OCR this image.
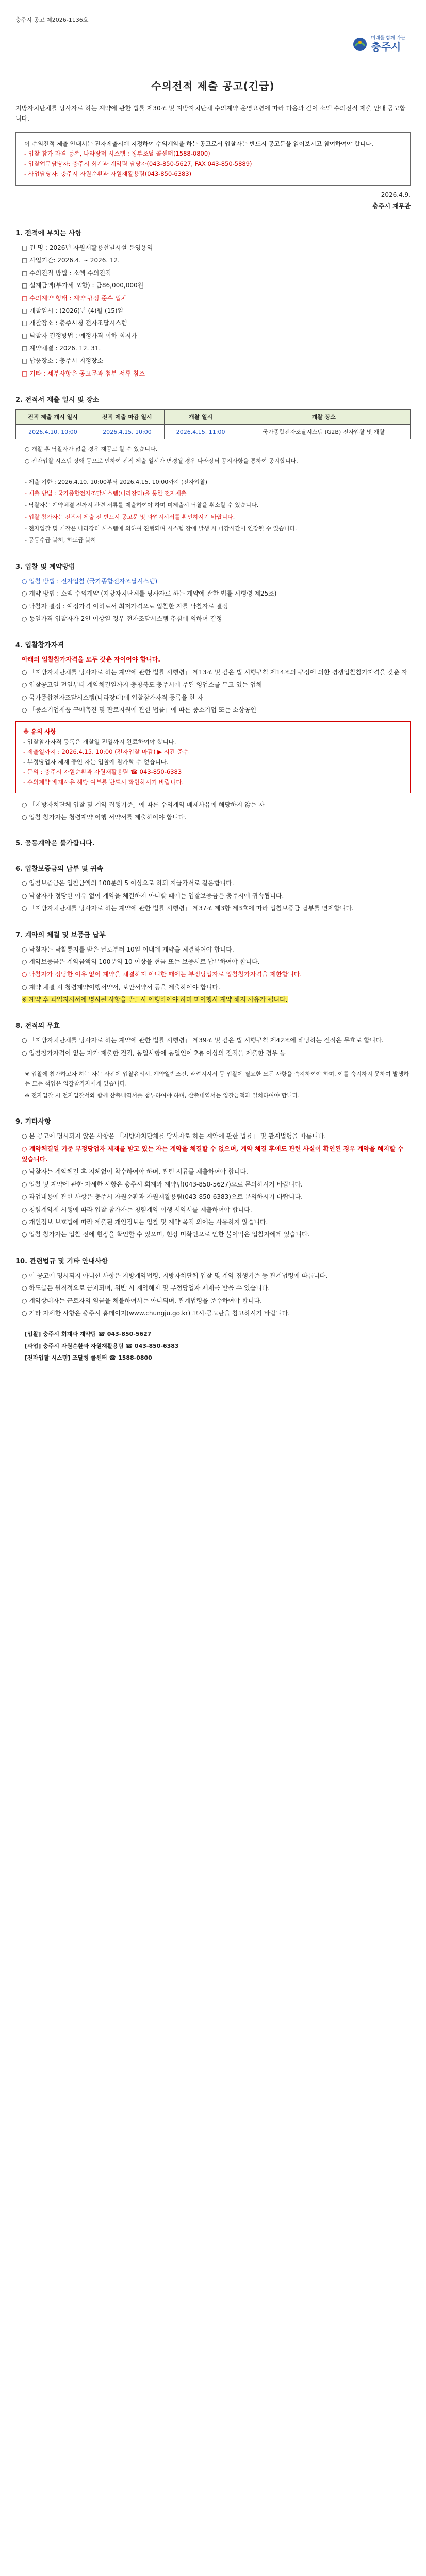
충주시 공고 제2026-1136호
미래를 함께 가는
충주시
수의전적 제출 공고(긴급)

지방자치단체를 당사자로 하는 계약에 관한 법률 제30조 및 지방자치단체 수의계약 운영요령에 따라 다음과 같이 소액 수의전적 제출 안내 공고합니다.

이 수의전적 제출 안내서는 전자제출시에 지정하여 수의계약을 하는 공고로서 입찰자는 반드시 공고문을 읽어보시고 참여하여야 합니다.

- 입찰 참가 자격 등록, 나라장터 시스템 : 정부조달 콜센터(1588-0800)

- 입찰업무담당자: 충주시 회계과 계약팀 담당자(043-850-5627, FAX 043-850-5889)

- 사업담당자: 충주시 자원순환과 자원재활용팀(043-850-6383)

2026.4.9.
충주시 재무관
1. 전적에 부치는 사항
□ 건 명 : 2026년 자원재활용선별시설 운영용역
□ 사업기간: 2026.4. ~ 2026. 12.
□ 수의전적 방법 : 소액 수의전적
□ 설계금액(부가세 포함) : 금86,000,000원
□ 수의계약 형태 : 계약 규정 준수 업체
□ 개찰일시 : (2026)년 (4)월 (15)일
□ 개찰장소 : 충주시청 전자조달시스템
□ 낙찰자 결정방법 : 예정가격 이하 최저가
□ 계약체결 : 2026. 12. 31.
□ 납품장소 : 충주시 지정장소
□ 기타 : 세부사항은 공고문과 첨부 서류 참조
2. 전적서 제출 일시 및 장소
전적 제출 개시 일시	전적 제출 마감 일시	개찰 일시	개찰 장소
2026.4.10. 10:00	2026.4.15. 10:00	2026.4.15. 11:00	국가종합전자조달시스템 (G2B) 전자입찰 및 개찰
○ 개찰 후 낙찰자가 없을 경우 재공고 할 수 있습니다.
○ 전자입찰 시스템 장애 등으로 인하여 전적 제출 일시가 변경될 경우 나라장터 공지사항을 통하여 공지합니다.
- 제출 기한 : 2026.4.10. 10:00부터 2026.4.15. 10:00까지 (전자입찰)
- 제출 방법 : 국가종합전자조달시스템(나라장터)을 통한 전자제출
- 낙찰자는 계약체결 전까지 관련 서류를 제출하여야 하며 미제출시 낙찰을 취소할 수 있습니다.
- 입찰 참가자는 전적서 제출 전 반드시 공고문 및 과업지시서를 확인하시기 바랍니다.
- 전자입찰 및 개찰은 나라장터 시스템에 의하여 진행되며 시스템 장애 발생 시 마감시간이 연장될 수 있습니다.
- 공동수급 불허, 하도급 불허
3. 입찰 및 계약방법
○ 입찰 방법 : 전자입찰 (국가종합전자조달시스템)
○ 계약 방법 : 소액 수의계약 (지방자치단체를 당사자로 하는 계약에 관한 법률 시행령 제25조)
○ 낙찰자 결정 : 예정가격 이하로서 최저가격으로 입찰한 자를 낙찰자로 결정
○ 동일가격 입찰자가 2인 이상일 경우 전자조달시스템 추첨에 의하여 결정
4. 입찰참가자격
아래의 입찰참가자격을 모두 갖춘 자이어야 합니다.
○ 「지방자치단체를 당사자로 하는 계약에 관한 법률 시행령」 제13조 및 같은 법 시행규칙 제14조의 규정에 의한 경쟁입찰참가자격을 갖춘 자
○ 입찰공고일 전일부터 계약체결일까지 충청북도 충주시에 주된 영업소를 두고 있는 업체
○ 국가종합전자조달시스템(나라장터)에 입찰참가자격 등록을 한 자
○ 「중소기업제품 구매촉진 및 판로지원에 관한 법률」에 따른 중소기업 또는 소상공인

※ 유의 사항

- 입찰참가자격 등록은 개찰일 전일까지 완료하여야 합니다.

- 제출일까지 : 2026.4.15. 10:00 (전자입찰 마감) ▶ 시간 준수

- 부정당업자 제재 중인 자는 입찰에 참가할 수 없습니다.

- 문의 : 충주시 자원순환과 자원재활용팀 ☎ 043-850-6383

- 수의계약 배제사유 해당 여부를 반드시 확인하시기 바랍니다.

○ 「지방자치단체 입찰 및 계약 집행기준」에 따른 수의계약 배제사유에 해당하지 않는 자
○ 입찰 참가자는 청렴계약 이행 서약서를 제출하여야 합니다.
5. 공동계약은 불가합니다.
6. 입찰보증금의 납부 및 귀속
○ 입찰보증금은 입찰금액의 100분의 5 이상으로 하되 지급각서로 갈음합니다.
○ 낙찰자가 정당한 이유 없이 계약을 체결하지 아니할 때에는 입찰보증금은 충주시에 귀속됩니다.
○ 「지방자치단체를 당사자로 하는 계약에 관한 법률 시행령」 제37조 제3항 제3호에 따라 입찰보증금 납부를 면제합니다.
7. 계약의 체결 및 보증금 납부
○ 낙찰자는 낙찰통지를 받은 날로부터 10일 이내에 계약을 체결하여야 합니다.
○ 계약보증금은 계약금액의 100분의 10 이상을 현금 또는 보증서로 납부하여야 합니다.
○ 낙찰자가 정당한 이유 없이 계약을 체결하지 아니한 때에는 부정당업자로 입찰참가자격을 제한합니다.
○ 계약 체결 시 청렴계약이행서약서, 보안서약서 등을 제출하여야 합니다.
※ 계약 후 과업지시서에 명시된 사항을 반드시 이행하여야 하며 미이행시 계약 해지 사유가 됩니다.
8. 전적의 무효
○ 「지방자치단체를 당사자로 하는 계약에 관한 법률 시행령」 제39조 및 같은 법 시행규칙 제42조에 해당하는 전적은 무효로 합니다.
○ 입찰참가자격이 없는 자가 제출한 전적, 동일사항에 동일인이 2통 이상의 전적을 제출한 경우 등
※ 입찰에 참가하고자 하는 자는 사전에 입찰유의서, 계약일반조건, 과업지시서 등 입찰에 필요한 모든 사항을 숙지하여야 하며, 이를 숙지하지 못하여 발생하는 모든 책임은 입찰참가자에게 있습니다.
※ 전자입찰 시 전자입찰서와 함께 산출내역서를 첨부하여야 하며, 산출내역서는 입찰금액과 일치하여야 합니다.
9. 기타사항
○ 본 공고에 명시되지 않은 사항은 「지방자치단체를 당사자로 하는 계약에 관한 법률」 및 관계법령을 따릅니다.
○ 계약체결일 기준 부정당업자 제재를 받고 있는 자는 계약을 체결할 수 없으며, 계약 체결 후에도 관련 사실이 확인된 경우 계약을 해지할 수 있습니다.
○ 낙찰자는 계약체결 후 지체없이 착수하여야 하며, 관련 서류를 제출하여야 합니다.
○ 입찰 및 계약에 관한 자세한 사항은 충주시 회계과 계약팀(043-850-5627)으로 문의하시기 바랍니다.
○ 과업내용에 관한 사항은 충주시 자원순환과 자원재활용팀(043-850-6383)으로 문의하시기 바랍니다.
○ 청렴계약제 시행에 따라 입찰 참가자는 청렴계약 이행 서약서를 제출하여야 합니다.
○ 개인정보 보호법에 따라 제출된 개인정보는 입찰 및 계약 목적 외에는 사용하지 않습니다.
○ 입찰 참가자는 입찰 전에 현장을 확인할 수 있으며, 현장 미확인으로 인한 불이익은 입찰자에게 있습니다.
10. 관련법규 및 기타 안내사항
○ 이 공고에 명시되지 아니한 사항은 지방계약법령, 지방자치단체 입찰 및 계약 집행기준 등 관계법령에 따릅니다.
○ 하도급은 원칙적으로 금지되며, 위반 시 계약해지 및 부정당업자 제재를 받을 수 있습니다.
○ 계약상대자는 근로자의 임금을 체불하여서는 아니되며, 관계법령을 준수하여야 합니다.
○ 기타 자세한 사항은 충주시 홈페이지(www.chungju.go.kr) 고시·공고란을 참고하시기 바랍니다.
[입찰] 충주시 회계과 계약팀 ☎ 043-850-5627
[과업] 충주시 자원순환과 자원재활용팀 ☎ 043-850-6383
[전자입찰 시스템] 조달청 콜센터 ☎ 1588-0800
